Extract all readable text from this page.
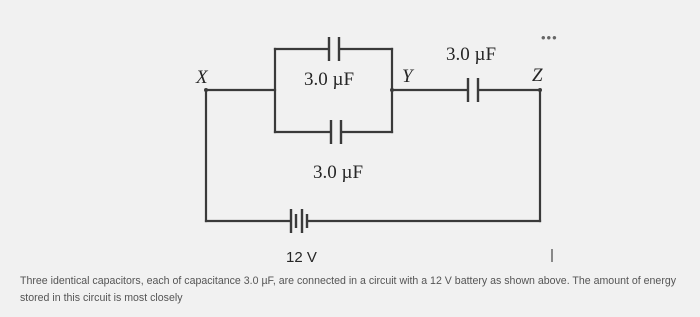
X	Y	Z
3.0 µF
3.0 µF
3.0 µF
12 V
•••

Three identical capacitors, each of capacitance 3.0 µF, are connected in a circuit with a 12 V battery as shown above. The amount of energy stored in this circuit is most closely
